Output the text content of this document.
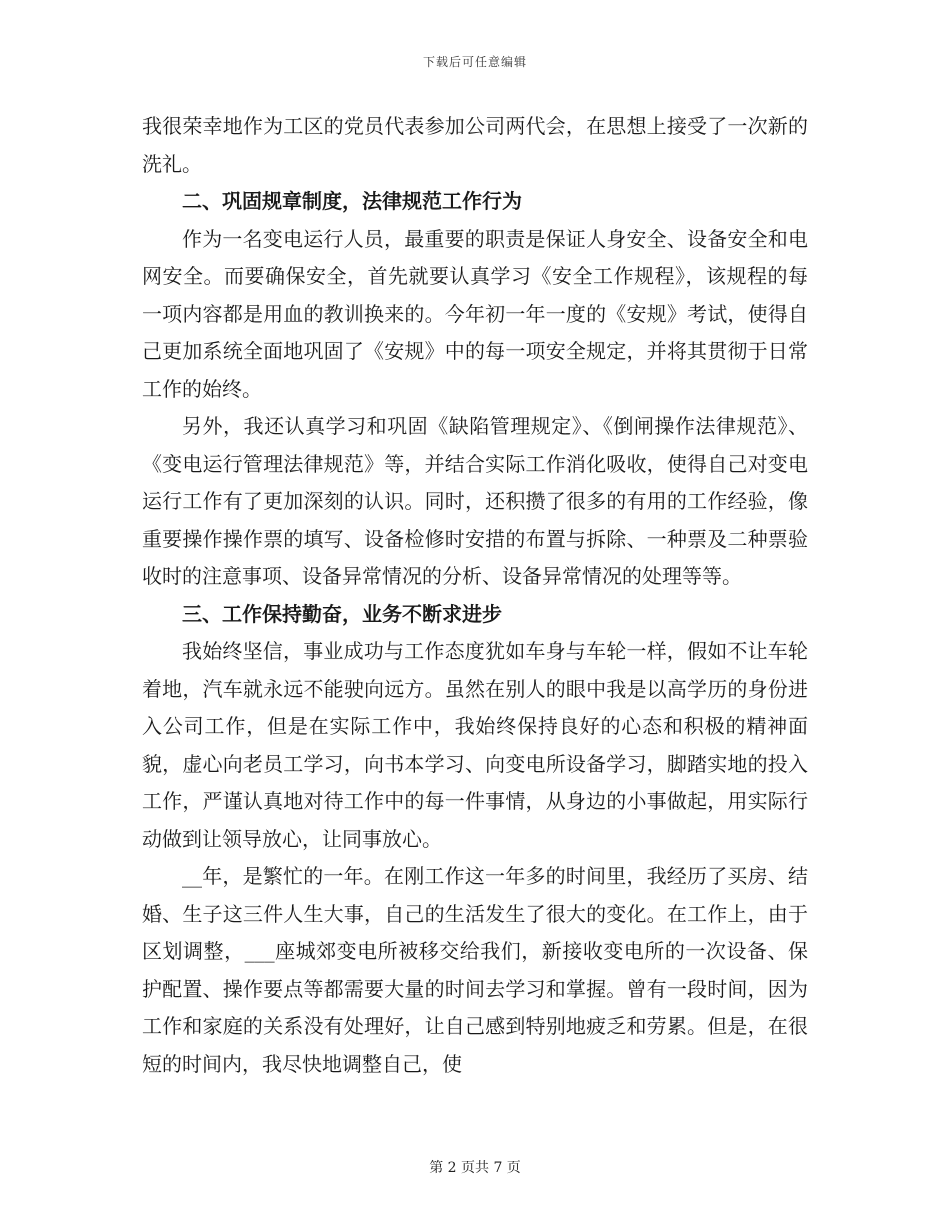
下载后可任意编辑

我很荣幸地作为工区的党员代表参加公司两代会，在思想上接受了一次新的洗礼。

二、巩固规章制度，法律规范工作行为

作为一名变电运行人员，最重要的职责是保证人身安全、设备安全和电网安全。而要确保安全，首先就要认真学习《安全工作规程》，该规程的每一项内容都是用血的教训换来的。今年初一年一度的《安规》考试，使得自己更加系统全面地巩固了《安规》中的每一项安全规定，并将其贯彻于日常工作的始终。

另外，我还认真学习和巩固《缺陷管理规定》、《倒闸操作法律规范》、《变电运行管理法律规范》等，并结合实际工作消化吸收，使得自己对变电运行工作有了更加深刻的认识。同时，还积攒了很多的有用的工作经验，像重要操作操作票的填写、设备检修时安措的布置与拆除、一种票及二种票验收时的注意事项、设备异常情况的分析、设备异常情况的处理等等。

三、工作保持勤奋，业务不断求进步

我始终坚信，事业成功与工作态度犹如车身与车轮一样，假如不让车轮着地，汽车就永远不能驶向远方。虽然在别人的眼中我是以高学历的身份进入公司工作，但是在实际工作中，我始终保持良好的心态和积极的精神面貌，虚心向老员工学习，向书本学习、向变电所设备学习，脚踏实地的投入工作，严谨认真地对待工作中的每一件事情，从身边的小事做起，用实际行动做到让领导放心，让同事放心。

__年，是繁忙的一年。在刚工作这一年多的时间里，我经历了买房、结婚、生子这三件人生大事，自己的生活发生了很大的变化。在工作上，由于区划调整，___座城郊变电所被移交给我们，新接收变电所的一次设备、保护配置、操作要点等都需要大量的时间去学习和掌握。曾有一段时间，因为工作和家庭的关系没有处理好，让自己感到特别地疲乏和劳累。但是，在很短的时间内，我尽快地调整自己，使

第 2 页共 7 页
